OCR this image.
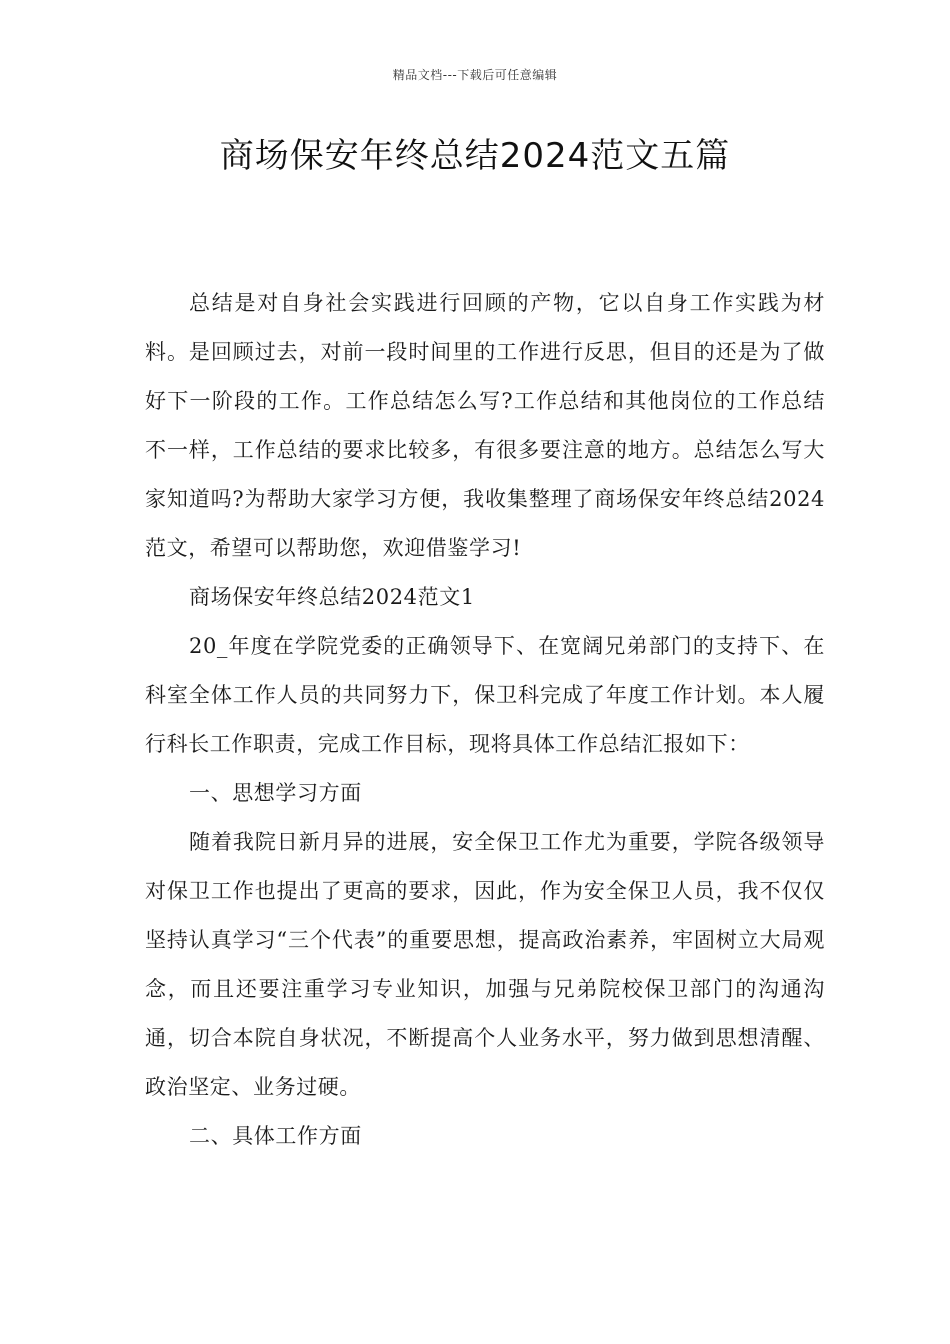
精品文档---下载后可任意编辑
商场保安年终总结2024范文五篇

总结是对自身社会实践进行回顾的产物，它以自身工作实践为材料。是回顾过去，对前一段时间里的工作进行反思，但目的还是为了做好下一阶段的工作。工作总结怎么写?工作总结和其他岗位的工作总结不一样，工作总结的要求比较多，有很多要注意的地方。总结怎么写大家知道吗?为帮助大家学习方便，我收集整理了商场保安年终总结2024范文，希望可以帮助您，欢迎借鉴学习!

商场保安年终总结2024范文1

20_年度在学院党委的正确领导下、在宽阔兄弟部门的支持下、在科室全体工作人员的共同努力下，保卫科完成了年度工作计划。本人履行科长工作职责，完成工作目标，现将具体工作总结汇报如下：

一、思想学习方面

随着我院日新月异的进展，安全保卫工作尤为重要，学院各级领导对保卫工作也提出了更高的要求，因此，作为安全保卫人员，我不仅仅坚持认真学习“三个代表”的重要思想，提高政治素养，牢固树立大局观念，而且还要注重学习专业知识，加强与兄弟院校保卫部门的沟通沟通，切合本院自身状况，不断提高个人业务水平，努力做到思想清醒、政治坚定、业务过硬。

二、具体工作方面
